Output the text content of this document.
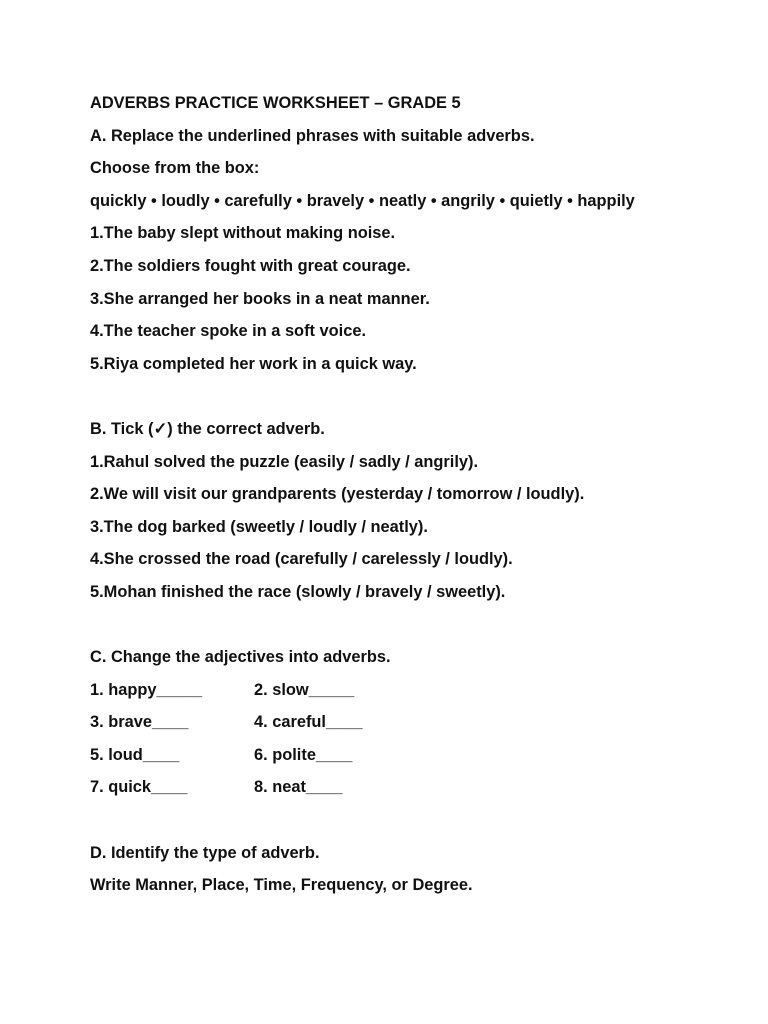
ADVERBS PRACTICE WORKSHEET – GRADE 5
A. Replace the underlined phrases with suitable adverbs.
Choose from the box:
quickly • loudly • carefully • bravely • neatly • angrily • quietly • happily
1.The baby slept without making noise.
2.The soldiers fought with great courage.
3.She arranged her books in a neat manner.
4.The teacher spoke in a soft voice.
5.Riya completed her work in a quick way.
B. Tick (✓) the correct adverb.
1.Rahul solved the puzzle (easily / sadly / angrily).
2.We will visit our grandparents (yesterday / tomorrow / loudly).
3.The dog barked (sweetly / loudly / neatly).
4.She crossed the road (carefully / carelessly / loudly).
5.Mohan finished the race (slowly / bravely / sweetly).
C. Change the adjectives into adverbs.
1. happy_____	2. slow_____
3. brave____	4. careful____
5. loud____	6. polite____
7. quick____	8. neat____
D. Identify the type of adverb.
Write Manner, Place, Time, Frequency, or Degree.
